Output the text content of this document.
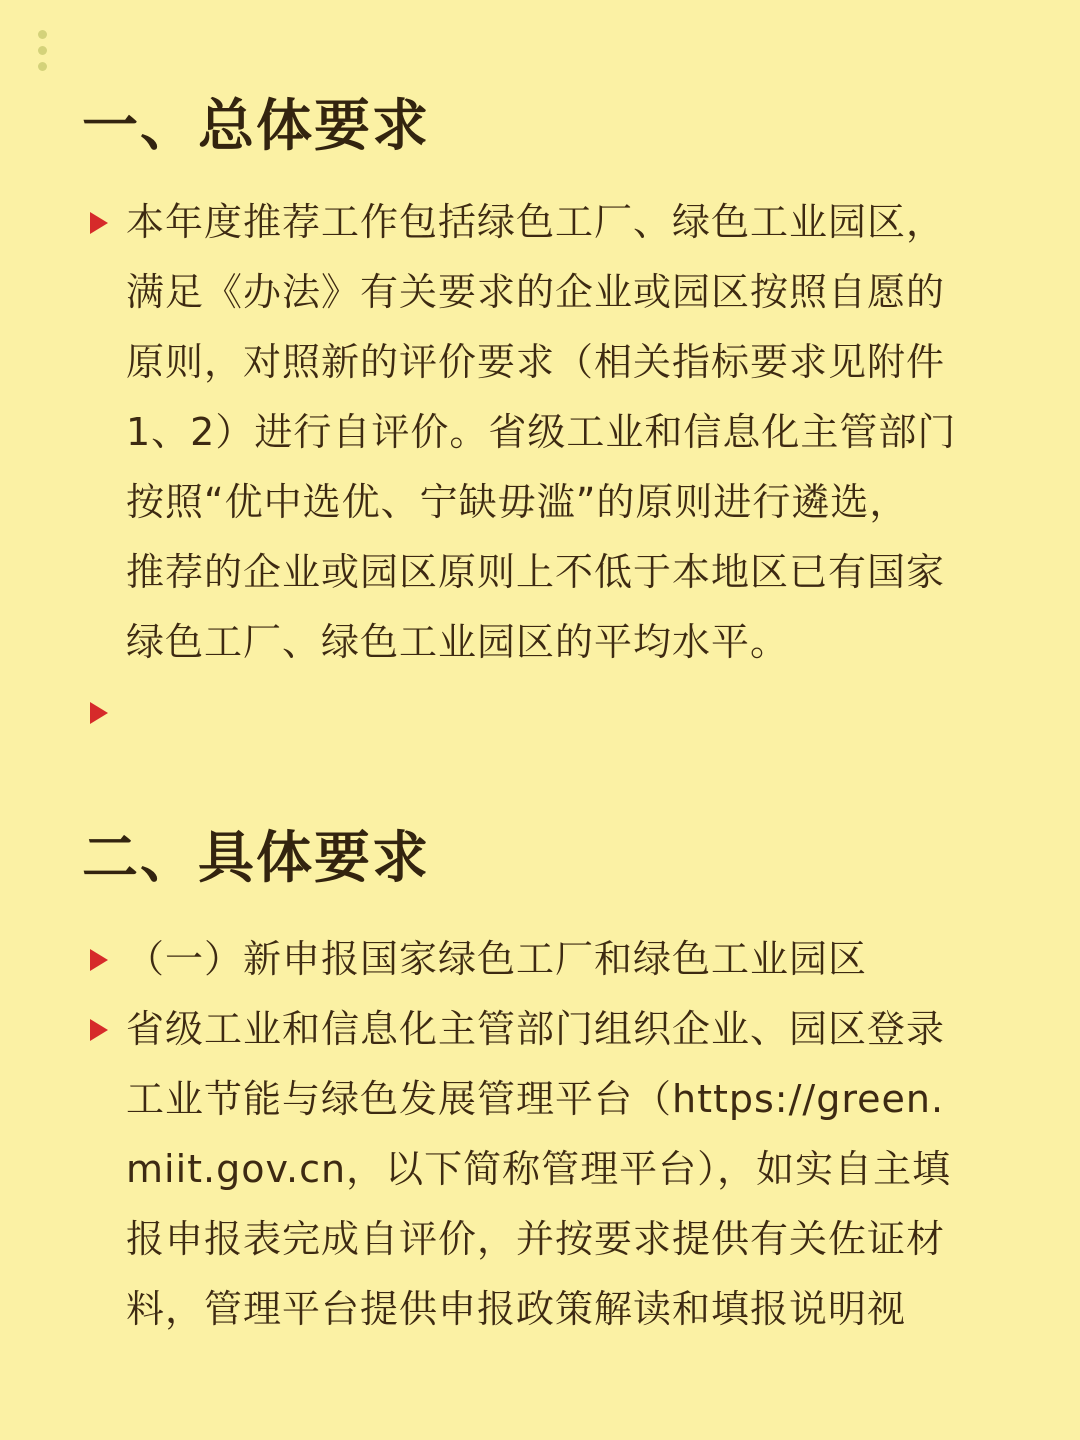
一、总体要求
本年度推荐工作包括绿色工厂、绿色工业园区，
满足《办法》有关要求的企业或园区按照自愿的
原则，对照新的评价要求（相关指标要求见附件
1、2）进行自评价。省级工业和信息化主管部门
按照“优中选优、宁缺毋滥”的原则进行遴选，
推荐的企业或园区原则上不低于本地区已有国家
绿色工厂、绿色工业园区的平均水平。
二、具体要求
（一）新申报国家绿色工厂和绿色工业园区
省级工业和信息化主管部门组织企业、园区登录
工业节能与绿色发展管理平台（https://green.
miit.gov.cn，以下简称管理平台），如实自主填
报申报表完成自评价，并按要求提供有关佐证材
料，管理平台提供申报政策解读和填报说明视
